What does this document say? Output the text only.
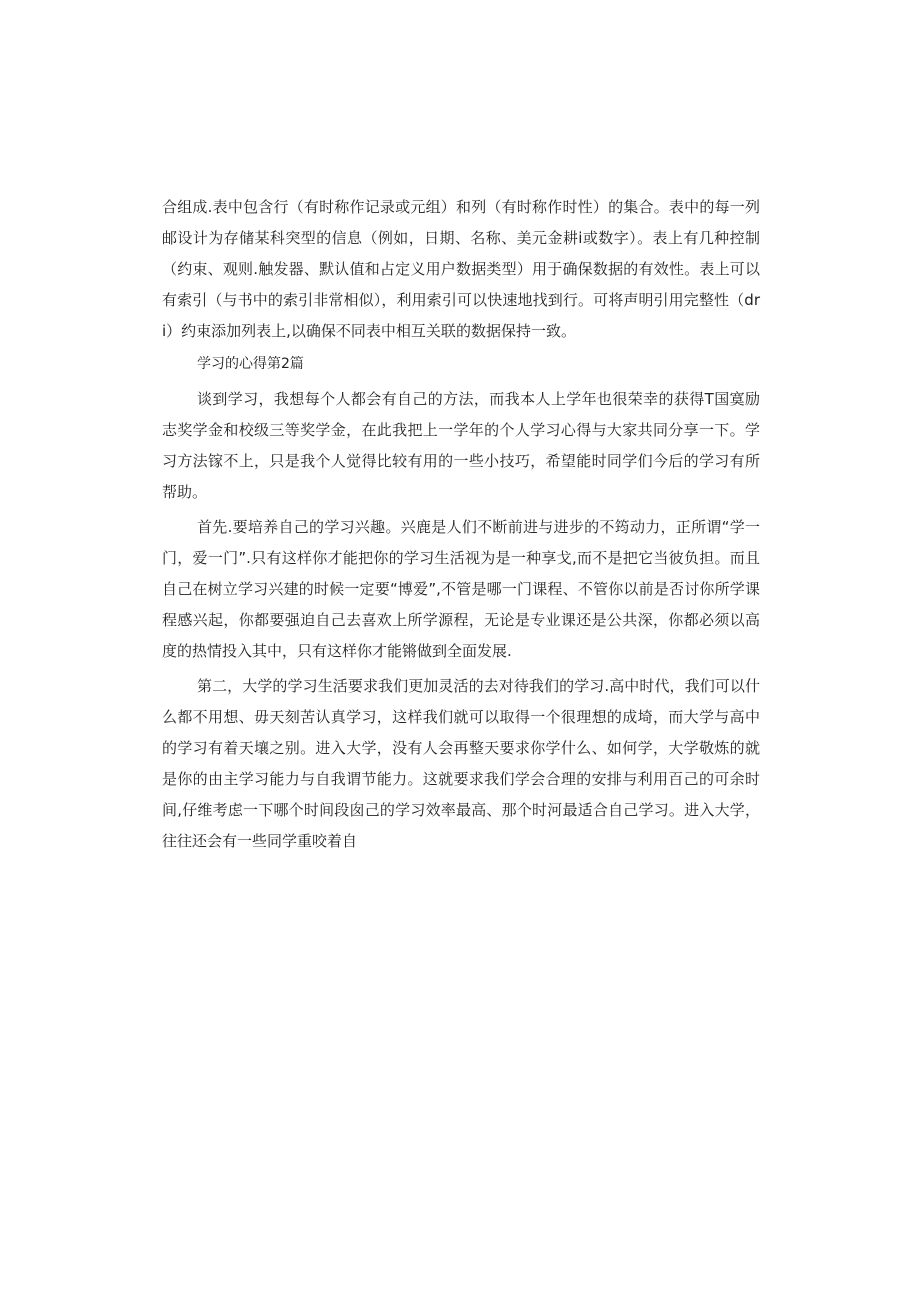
合组成.表中包含行（有时称作记录或元组）和列（有时称作时性）的集合。表中的每一列邮设计为存储某科突型的信息（例如，日期、名称、美元金耕i或数字）。表上有几种控制（约束、观则.触发器、默认值和占定义用户数据类型）用于确保数据的有效性。表上可以有索引（与书中的索引非常相似），利用索引可以快速地找到行。可将声明引用完整性（dri）约束添加列表上,以确保不同表中相互关联的数据保持一致。

学习的心得第2篇

谈到学习，我想每个人都会有自己的方法，而我本人上学年也很荣幸的获得T国寞励志奖学金和校级三等奖学金，在此我把上一学年的个人学习心得与大家共同分享一下。学习方法镓不上，只是我个人觉得比较有用的一些小技巧，希望能时同学们今后的学习有所帮助。

首先.要培养自己的学习兴趣。兴鹿是人们不断前进与进步的不筠动力，正所谓“学一门，爱一门”.只有这样你才能把你的学习生活视为是一种享戈,而不是把它当彼负担。而且自己在树立学习兴建的时候一定要“博爱”,不管是哪一门课程、不管你以前是否讨你所学课程感兴起，你都要强迫自己去喜欢上所学源程，无论是专业课还是公共深，你都必须以高度的热情投入其中，只有这样你才能锵做到全面发展.

第二，大学的学习生活要求我们更加灵活的去对待我们的学习.高中时代，我们可以什么都不用想、毋天刻苦认真学习，这样我们就可以取得一个很理想的成埼，而大学与高中的学习有着天壤之别。进入大学，没有人会再整天要求你学什么、如何学，大学敬炼的就是你的由主学习能力与自我谓节能力。这就要求我们学会合理的安排与利用百己的可余时间,仔维考虑一下哪个时间段囱己的学习效率最高、那个时河最适合自己学习。进入大学，往往还会有一些同学重咬着自
